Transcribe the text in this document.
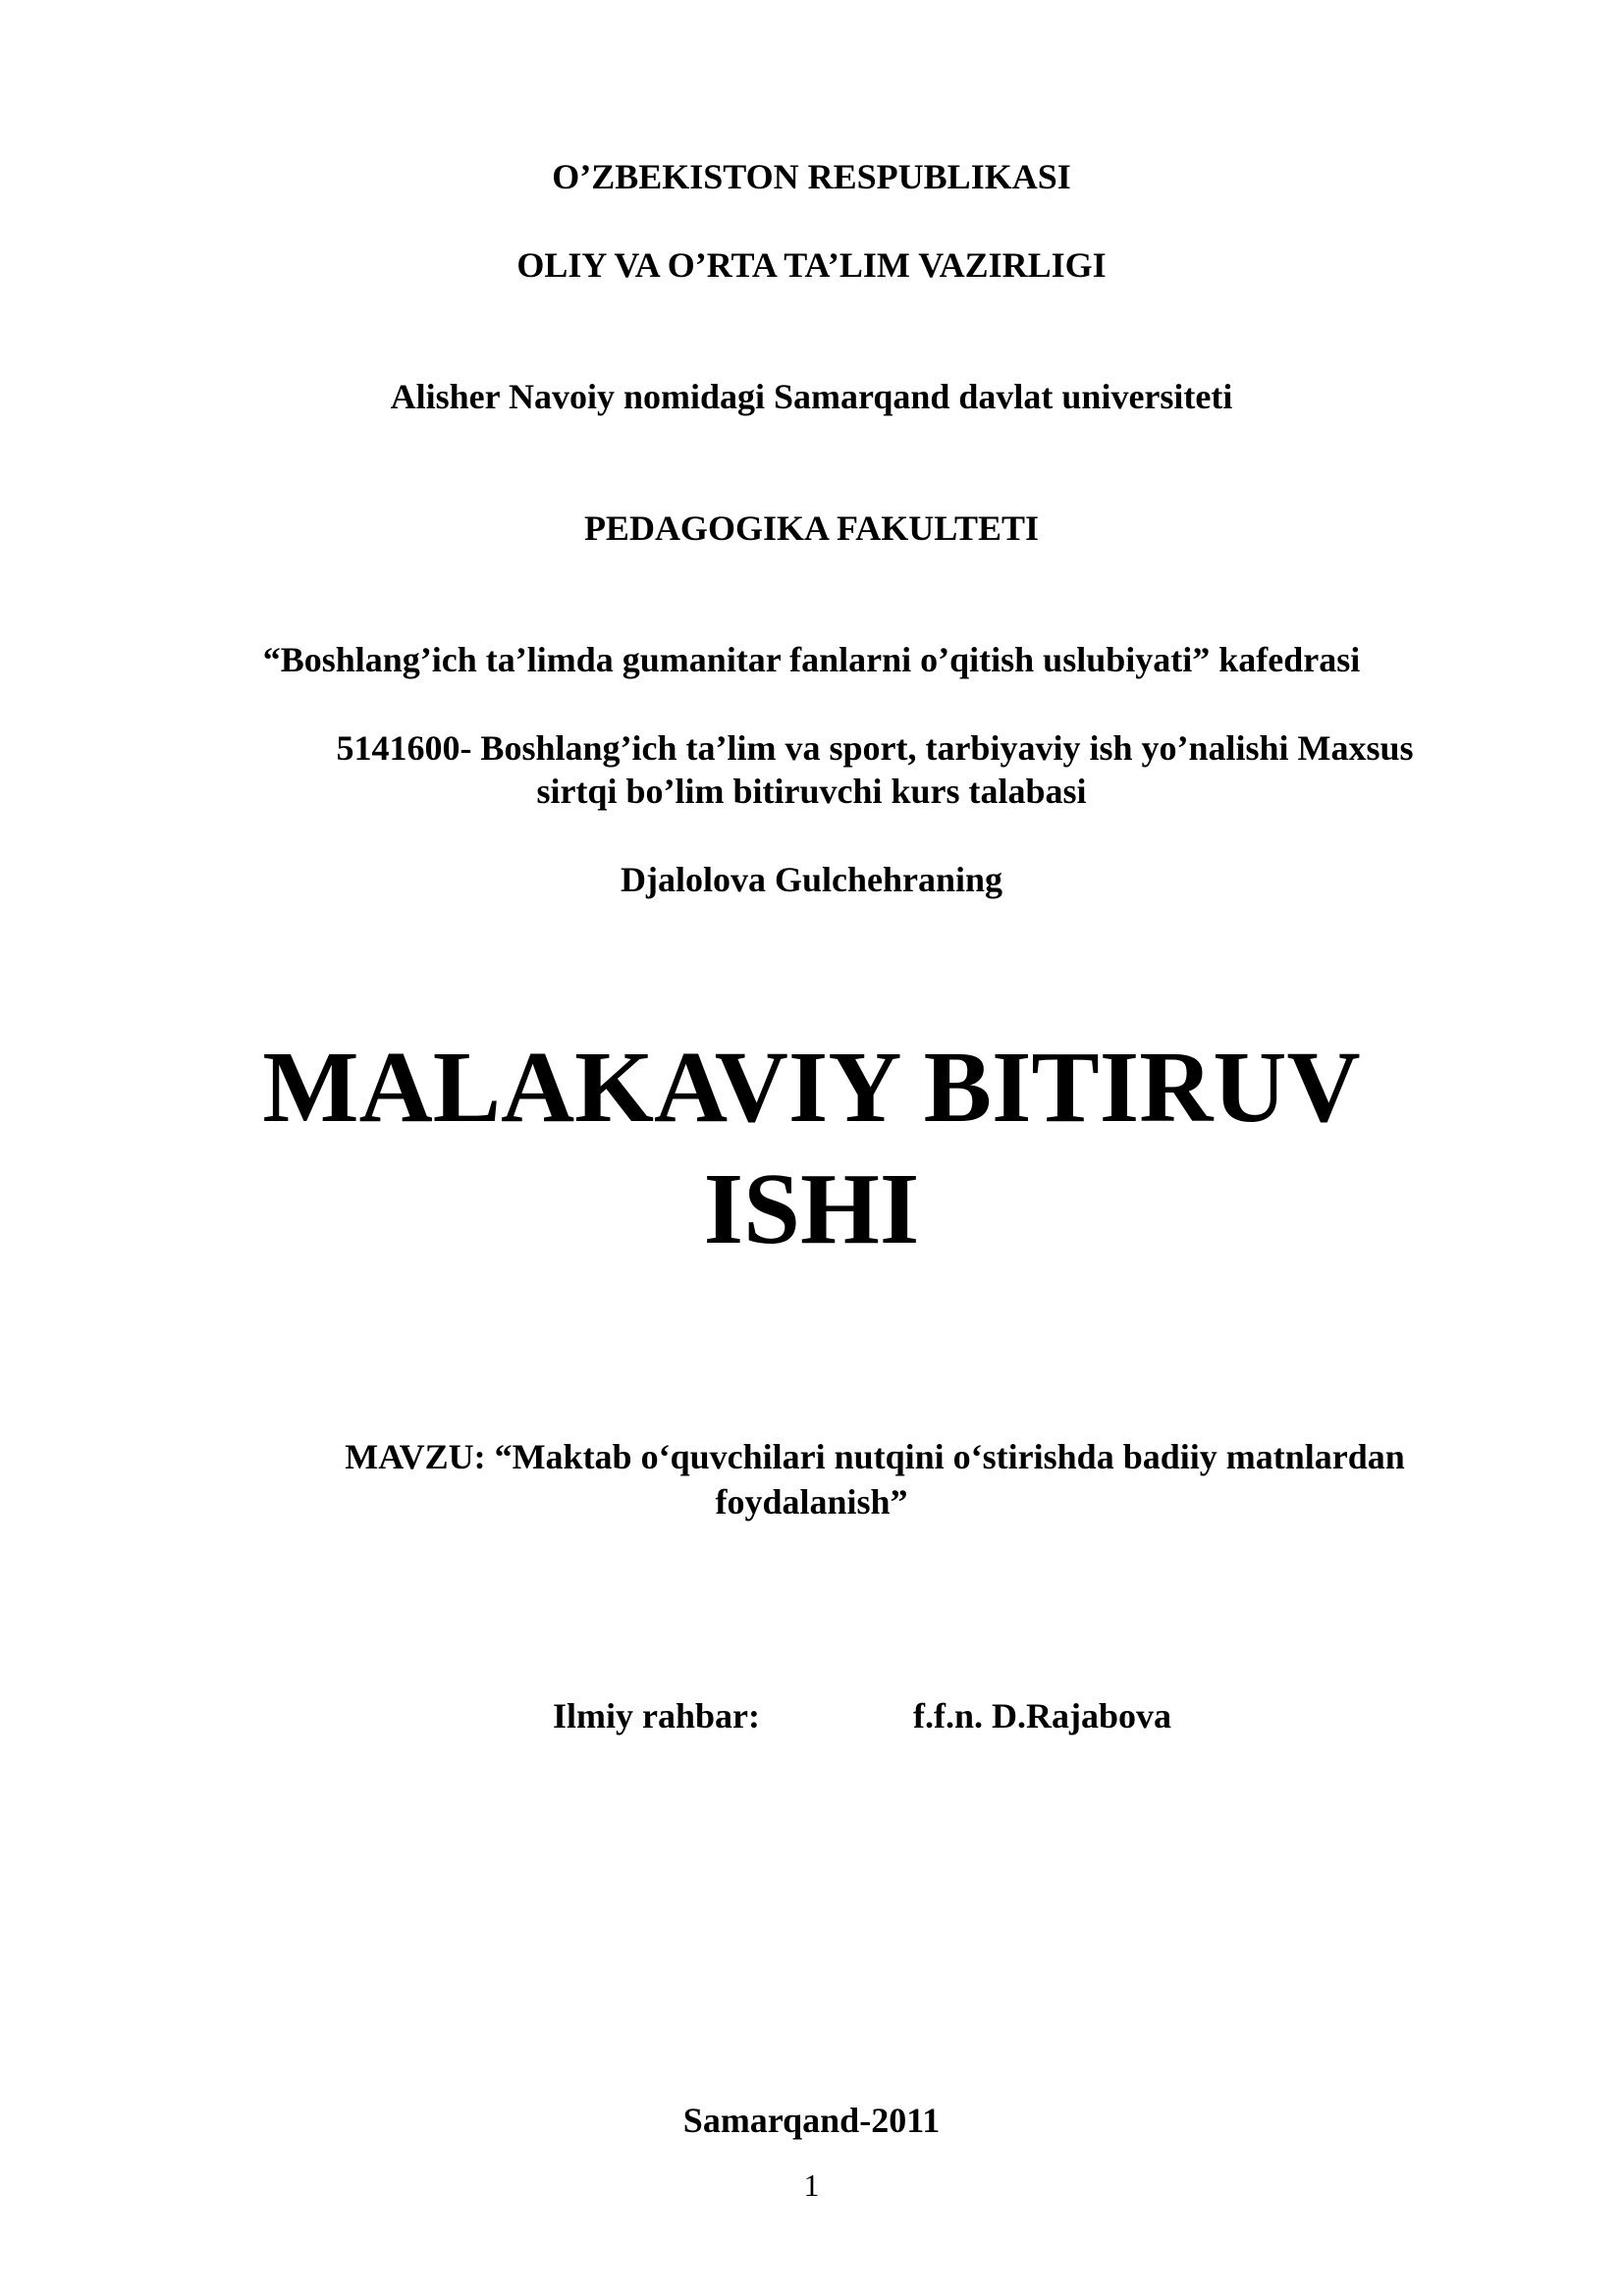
O’ZBEKISTON RESPUBLIKASI

OLIY VA O’RTA TA’LIM VAZIRLIGI

Alisher Navoiy nomidagi Samarqand davlat universiteti

PEDAGOGIKA FAKULTETI

“Boshlang’ich ta’limda gumanitar fanlarni o’qitish uslubiyati” kafedrasi

5141600- Boshlang’ich ta’lim va sport, tarbiyaviy ish yo’nalishi Maxsus

sirtqi bo’lim bitiruvchi kurs talabasi

Djalolova Gulchehraning

MALAKAVIY BITIRUV

ISHI

MAVZU: “Maktab o‘quvchilari nutqini o‘stirishda badiiy matnlardan

foydalanish”

Ilmiy rahbar:	f.f.n. D.Rajabova

Samarqand-2011

1
